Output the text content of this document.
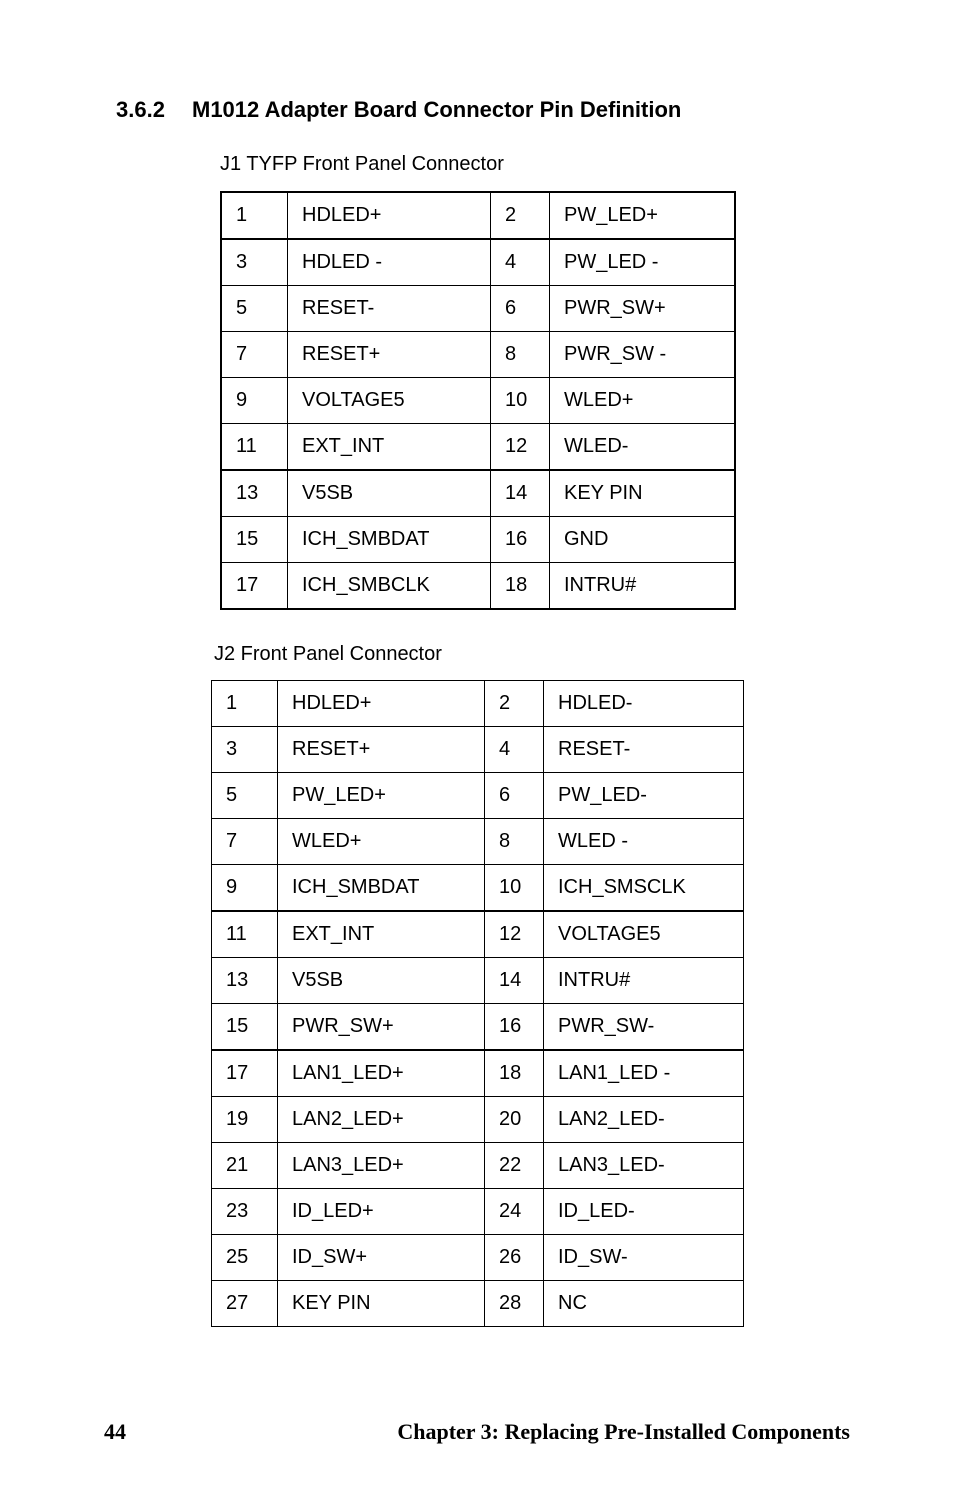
3.6.2 M1012 Adapter Board Connector Pin Definition
J1 TYFP Front Panel Connector
1	HDLED+	2	PW_LED+
3	HDLED -	4	PW_LED -
5	RESET-	6	PWR_SW+
7	RESET+	8	PWR_SW -
9	VOLTAGE5	10	WLED+
11	EXT_INT	12	WLED-
13	V5SB	14	KEY PIN
15	ICH_SMBDAT	16	GND
17	ICH_SMBCLK	18	INTRU#
J2 Front Panel Connector
1	HDLED+	2	HDLED-
3	RESET+	4	RESET-
5	PW_LED+	6	PW_LED-
7	WLED+	8	WLED -
9	ICH_SMBDAT	10	ICH_SMSCLK
11	EXT_INT	12	VOLTAGE5
13	V5SB	14	INTRU#
15	PWR_SW+	16	PWR_SW-
17	LAN1_LED+	18	LAN1_LED -
19	LAN2_LED+	20	LAN2_LED-
21	LAN3_LED+	22	LAN3_LED-
23	ID_LED+	24	ID_LED-
25	ID_SW+	26	ID_SW-
27	KEY PIN	28	NC
44	Chapter 3: Replacing Pre-Installed Components
